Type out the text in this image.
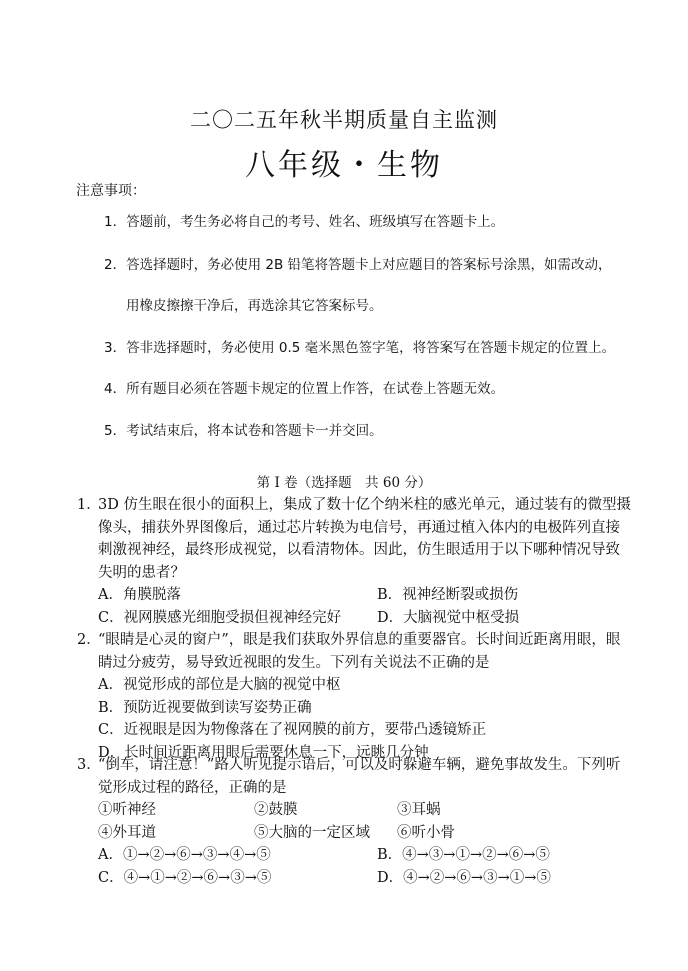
二〇二五年秋半期质量自主监测
八年级・生物
注意事项：
1．答题前，考生务必将自己的考号、姓名、班级填写在答题卡上。
2．答选择题时，务必使用 2B 铅笔将答题卡上对应题目的答案标号涂黑，如需改动，
用橡皮擦擦干净后，再选涂其它答案标号。
3．答非选择题时，务必使用 0.5 毫米黑色签字笔，将答案写在答题卡规定的位置上。
4．所有题目必须在答题卡规定的位置上作答，在试卷上答题无效。
5．考试结束后，将本试卷和答题卡一并交回。
第 I 卷（选择题　共 60 分）
1．
3D 仿生眼在很小的面积上，集成了数十亿个纳米柱的感光单元，通过装有的微型摄
像头，捕获外界图像后，通过芯片转换为电信号，再通过植入体内的电极阵列直接
刺激视神经，最终形成视觉，以看清物体。因此，仿生眼适用于以下哪种情况导致
失明的患者？
A．角膜脱落	B．视神经断裂或损伤
C．视网膜感光细胞受损但视神经完好 D．大脑视觉中枢受损
2．
“眼睛是心灵的窗户”，眼是我们获取外界信息的重要器官。长时间近距离用眼，眼
睛过分疲劳，易导致近视眼的发生。下列有关说法不正确的是
A．视觉形成的部位是大脑的视觉中枢
B．预防近视要做到读写姿势正确
C．近视眼是因为物像落在了视网膜的前方，要带凸透镜矫正
D．长时间近距离用眼后需要休息一下，远眺几分钟
3．
“倒车，请注意！”路人听见提示语后，可以及时躲避车辆，避免事故发生。下列听
觉形成过程的路径，正确的是
①听神经	②鼓膜	③耳蜗
④外耳道	⑤大脑的一定区域 ⑥听小骨
A．①→②→⑥→③→④→⑤	B．④→③→①→②→⑥→⑤
C．④→①→②→⑥→③→⑤	D．④→②→⑥→③→①→⑤
